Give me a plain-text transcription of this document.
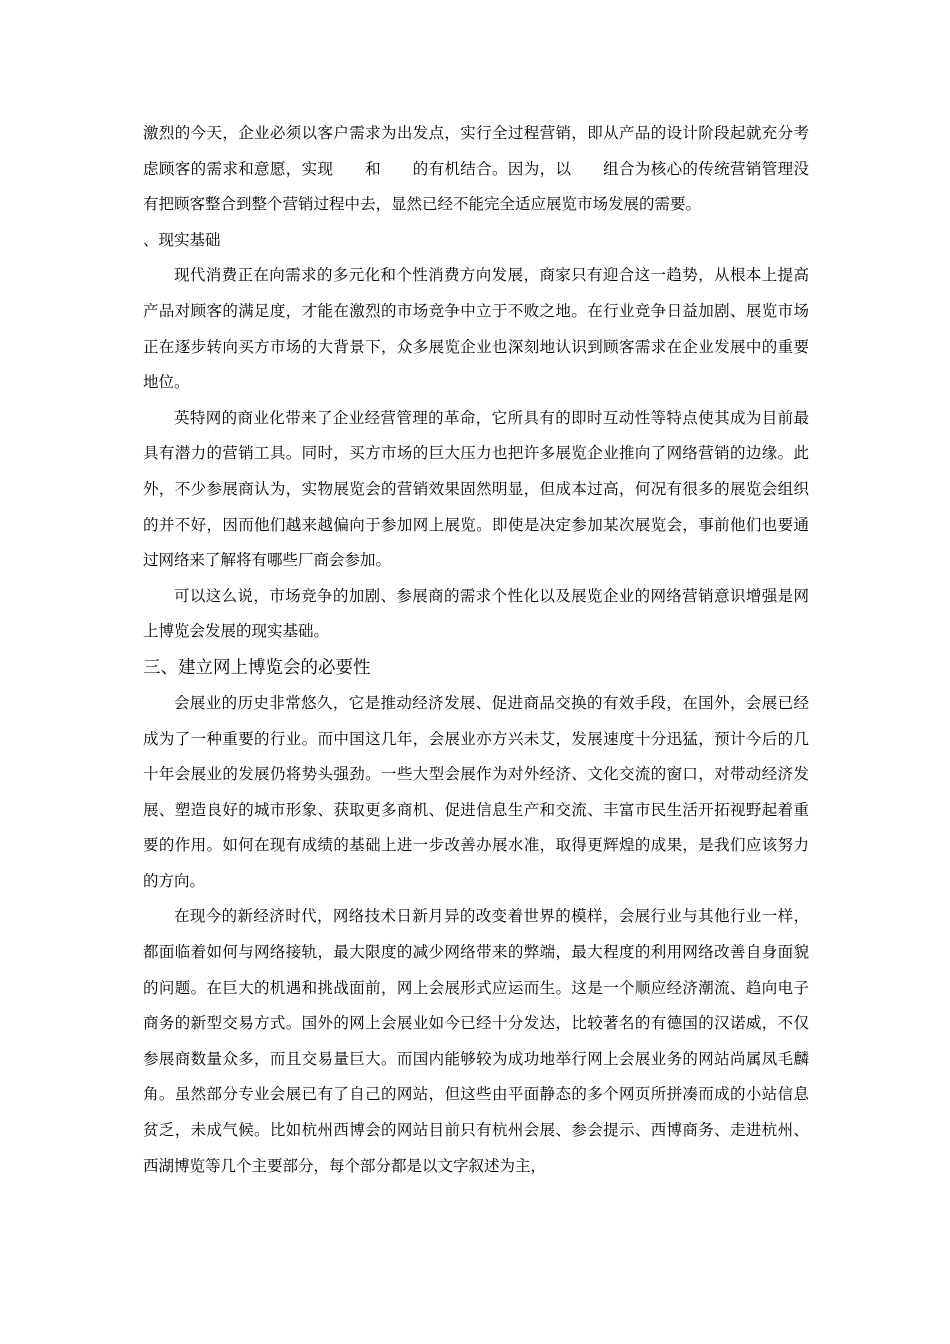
激烈的今天，企业必须以客户需求为出发点，实行全过程营销，即从产品的设计阶段起就充分考虑顾客的需求和意愿，实现　　和　　的有机结合。因为，以　　组合为核心的传统营销管理没有把顾客整合到整个营销过程中去，显然已经不能完全适应展览市场发展的需要。

、现实基础

现代消费正在向需求的多元化和个性消费方向发展，商家只有迎合这一趋势，从根本上提高产品对顾客的满足度，才能在激烈的市场竞争中立于不败之地。在行业竞争日益加剧、展览市场正在逐步转向买方市场的大背景下，众多展览企业也深刻地认识到顾客需求在企业发展中的重要地位。

英特网的商业化带来了企业经营管理的革命，它所具有的即时互动性等特点使其成为目前最具有潜力的营销工具。同时，买方市场的巨大压力也把许多展览企业推向了网络营销的边缘。此外，不少参展商认为，实物展览会的营销效果固然明显，但成本过高，何况有很多的展览会组织的并不好，因而他们越来越偏向于参加网上展览。即使是决定参加某次展览会，事前他们也要通过网络来了解将有哪些厂商会参加。

可以这么说，市场竞争的加剧、参展商的需求个性化以及展览企业的网络营销意识增强是网上博览会发展的现实基础。

三、建立网上博览会的必要性

会展业的历史非常悠久，它是推动经济发展、促进商品交换的有效手段，在国外，会展已经成为了一种重要的行业。而中国这几年，会展业亦方兴未艾，发展速度十分迅猛，预计今后的几十年会展业的发展仍将势头强劲。一些大型会展作为对外经济、文化交流的窗口，对带动经济发展、塑造良好的城市形象、获取更多商机、促进信息生产和交流、丰富市民生活开拓视野起着重要的作用。如何在现有成绩的基础上进一步改善办展水准，取得更辉煌的成果，是我们应该努力的方向。

在现今的新经济时代，网络技术日新月异的改变着世界的模样，会展行业与其他行业一样，都面临着如何与网络接轨，最大限度的减少网络带来的弊端，最大程度的利用网络改善自身面貌的问题。在巨大的机遇和挑战面前，网上会展形式应运而生。这是一个顺应经济潮流、趋向电子商务的新型交易方式。国外的网上会展业如今已经十分发达，比较著名的有德国的汉诺威，不仅参展商数量众多，而且交易量巨大。而国内能够较为成功地举行网上会展业务的网站尚属凤毛麟角。虽然部分专业会展已有了自己的网站，但这些由平面静态的多个网页所拼凑而成的小站信息贫乏，未成气候。比如杭州西博会的网站目前只有杭州会展、参会提示、西博商务、走进杭州、西湖博览等几个主要部分，每个部分都是以文字叙述为主，
